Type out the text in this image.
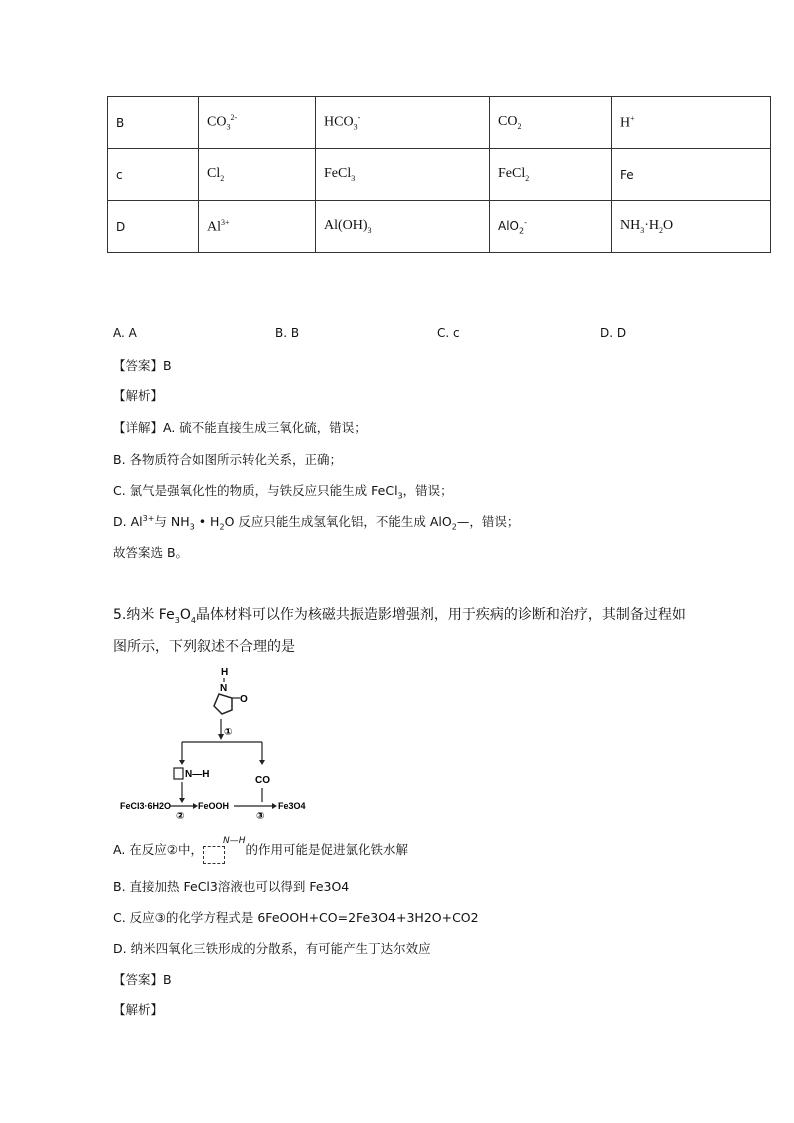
B	$CO_3^{2-}$	$HCO_3^-$	$CO_2$	H+
c	$Cl_2$	FeCl$_3$	FeCl$_2$	Fe
D	$Al^{3+}$	$Al(OH)_3$	AlO$_2$-	$NH_3\cdot H_2O$
A. A	B. B	C. c	D. D
【答案】B
【解析】
【详解】A. 硫不能直接生成三氧化硫，错误；
B. 各物质符合如图所示转化关系，正确；
C. 氯气是强氧化性的物质，与铁反应只能生成 FeCl$_3$，错误；
D. $Al^{3+}$与 $NH_3$ • $H_2O$ 反应只能生成氢氧化铝，不能生成 AlO$_2$—，错误；
故答案选 B。
5.纳米 $Fe_3O_4$晶体材料可以作为核磁共振造影增强剂，用于疾病的诊断和治疗，其制备过程如
图所示，下列叙述不合理的是
H
N
O
①
N—H
CO
FeCl3·6H2O	FeOOH	Fe3O4
②	③
A. 在反应②中，$^{N—H}$的作用可能是促进氯化铁水解
B. 直接加热 FeCl3溶液也可以得到 Fe3O4
C. 反应③的化学方程式是 6FeOOH+CO=2Fe3O4+3H2O+CO2
D. 纳米四氧化三铁形成的分散系，有可能产生丁达尔效应
【答案】B
【解析】
